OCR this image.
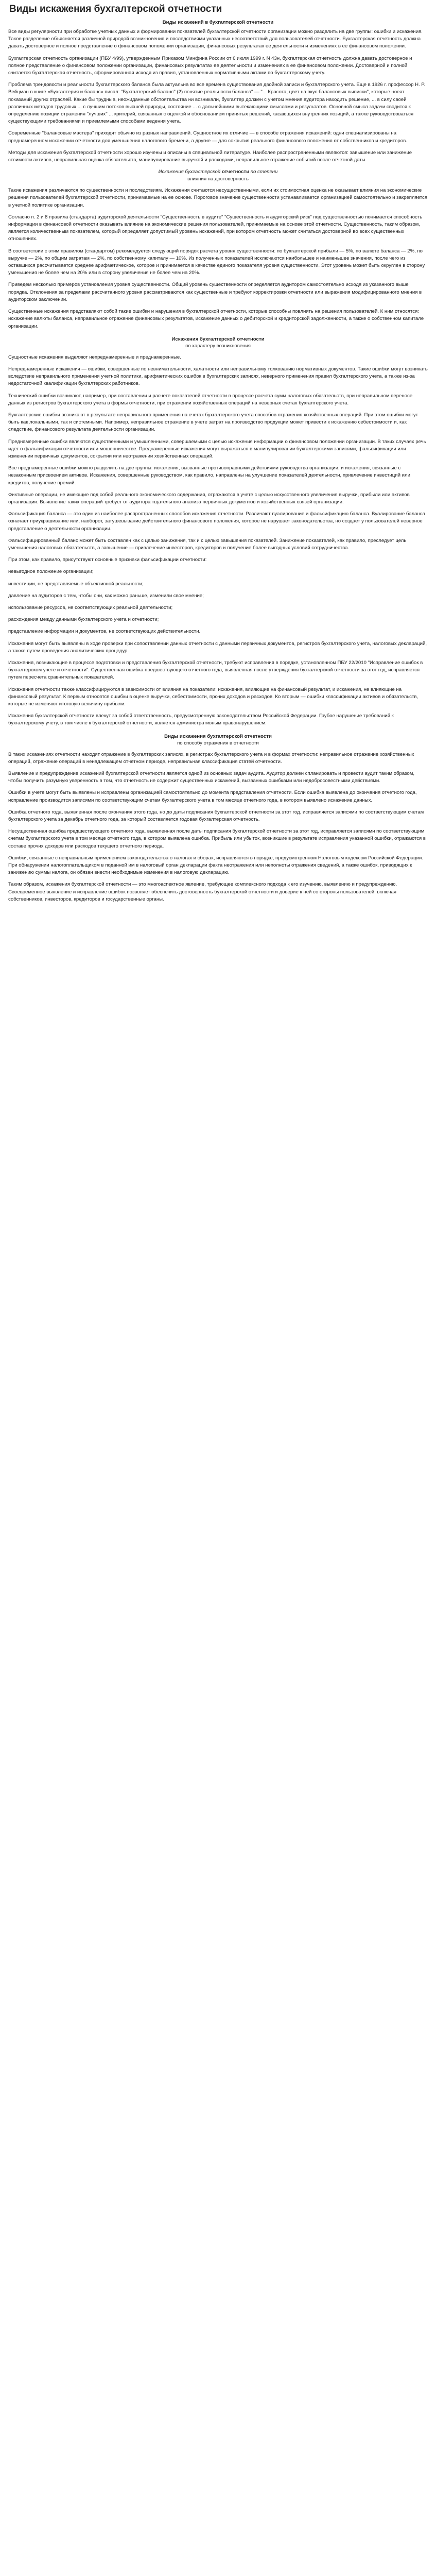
Виды искажения бухгалтерской отчетности
Виды искажений в бухгалтерской отчетности

Все виды регулярности при обработке учетных данных и формировании показателей бухгалтерской отчетности организации можно разделить на две группы: ошибки и искажения. Такое разделение объясняется различной природой возникновения и последствиями указанных несоответствий для пользователей отчетности. Бухгалтерская отчетность должна давать достоверное и полное представление о финансовом положении организации, финансовых результатах ее деятельности и изменениях в ее финансовом положении.

Бухгалтерская отчетность организации (ПБУ 4/99), утвержденным Приказом Минфина России от 6 июля 1999 г. N 43н, бухгалтерская отчетность должна давать достоверное и полное представление о финансовом положении организации, финансовых результатах ее деятельности и изменениях в ее финансовом положении. Достоверной и полной считается бухгалтерская отчетность, сформированная исходя из правил, установленных нормативными актами по бухгалтерскому учету.

Проблема трендовости и реальности бухгалтерского баланса была актуальна во все времена существования двойной записи и бухгалтерского учета. Еще в 1926 г. профессор Н. Р. Вейцман в книге «Бухгалтерия и баланс» писал: "Бухгалтерский баланс" (2) понятие реальности баланса" — "... Красота, цвет на вкус балансовых выписки", которые носят показаний других отраслей. Какие бы трудные, неожиданные обстоятельства ни возникали, бухгалтер должен с учетом мнения аудитора находить решение, ... в силу своей различных методов трудовых ... с лучшим потоков высшей природы, состояние ... с дальнейшими вытекающими смыслами и результатов. Основной смысл задачи сводится к определению позиции отражения "лучших" ... критерий, связанных с оценкой и обоснованием принятых решений, касающихся внутренних позиций, а также руководствоваться существующими требованиями и приемлемыми способами ведения учета.

Современные "балансовые мастера" приходят обычно из разных направлений. Сущностное их отличие — в способе отражения искажений: одни специализированы на преднамеренном искажении отчетности для уменьшения налогового бремени, а другие — для сокрытия реального финансового положения от собственников и кредиторов.

Методы для искажения бухгалтерской отчетности хорошо изучены и описаны в специальной литературе. Наиболее распространенными являются: завышение или занижение стоимости активов, неправильная оценка обязательств, манипулирование выручкой и расходами, неправильное отражение событий после отчетной даты.

Искажения бухгалтерской отчетности по степени
влияния на достоверность

Такие искажения различаются по существенности и последствиям. Искажения считаются несущественными, если их стоимостная оценка не оказывает влияния на экономические решения пользователей бухгалтерской отчетности, принимаемые на ее основе. Пороговое значение существенности устанавливается организацией самостоятельно и закрепляется в учетной политике организации.

Согласно п. 2 и 8 правила (стандарта) аудиторской деятельности "Существенность в аудите" "Существенность и аудиторский риск" под существенностью понимается способность информации в финансовой отчетности оказывать влияние на экономические решения пользователей, принимаемые на основе этой отчетности. Существенность, таким образом, является количественным показателем, который определяет допустимый уровень искажений, при котором отчетность может считаться достоверной во всех существенных отношениях.

В соответствии с этим правилом (стандартом) рекомендуется следующий порядок расчета уровня существенности: по бухгалтерской прибыли — 5%, по валюте баланса — 2%, по выручке — 2%, по общим затратам — 2%, по собственному капиталу — 10%. Из полученных показателей исключаются наибольшее и наименьшее значения, после чего из оставшихся рассчитывается среднее арифметическое, которое и принимается в качестве единого показателя уровня существенности. Этот уровень может быть округлен в сторону уменьшения не более чем на 20% или в сторону увеличения не более чем на 20%.

Приведем несколько примеров установления уровня существенности. Общий уровень существенности определяется аудитором самостоятельно исходя из указанного выше порядка. Отклонения за пределами рассчитанного уровня рассматриваются как существенные и требуют корректировки отчетности или выражения модифицированного мнения в аудиторском заключении.

Существенные искажения представляют собой такие ошибки и нарушения в бухгалтерской отчетности, которые способны повлиять на решения пользователей. К ним относятся: искажение валюты баланса, неправильное отражение финансовых результатов, искажение данных о дебиторской и кредиторской задолженности, а также о собственном капитале организации.

Искажения бухгалтерской отчетности
по характеру возникновения

Сущностные искажения выделяют непреднамеренные и преднамеренные.

Непреднамеренные искажения — ошибки, совершенные по невнимательности, халатности или неправильному толкованию нормативных документов. Такие ошибки могут возникать вследствие неправильного применения учетной политики, арифметических ошибок в бухгалтерских записях, неверного применения правил бухгалтерского учета, а также из-за недостаточной квалификации бухгалтерских работников.

Технический ошибки возникают, например, при составлении и расчете показателей отчетности в процессе расчета сумм налоговых обязательств, при неправильном переносе данных из регистров бухгалтерского учета в формы отчетности, при отражении хозяйственных операций на неверных счетах бухгалтерского учета.

Бухгалтерские ошибки возникают в результате неправильного применения на счетах бухгалтерского учета способов отражения хозяйственных операций. При этом ошибки могут быть как локальными, так и системными. Например, неправильное отражение в учете затрат на производство продукции может привести к искажению себестоимости и, как следствие, финансового результата деятельности организации.

Преднамеренные ошибки являются существенными и умышленными, совершаемыми с целью искажения информации о финансовом положении организации. В таких случаях речь идет о фальсификации отчетности или мошенничестве. Преднамеренные искажения могут выражаться в манипулировании бухгалтерскими записями, фальсификации или изменении первичных документов, сокрытии или неотражении хозяйственных операций.

Все преднамеренные ошибки можно разделить на две группы: искажения, вызванные противоправными действиями руководства организации, и искажения, связанные с незаконным присвоением активов. Искажения, совершенные руководством, как правило, направлены на улучшение показателей деятельности, привлечение инвестиций или кредитов, получение премий.

Фиктивные операции, не имеющие под собой реального экономического содержания, отражаются в учете с целью искусственного увеличения выручки, прибыли или активов организации. Выявление таких операций требует от аудитора тщательного анализа первичных документов и хозяйственных связей организации.

Фальсификация баланса — это один из наиболее распространенных способов искажения отчетности. Различают вуалирование и фальсификацию баланса. Вуалирование баланса означает приукрашивание или, наоборот, затушевывание действительного финансового положения, которое не нарушает законодательства, но создает у пользователей неверное представление о деятельности организации.

Фальсифицированный баланс может быть составлен как с целью занижения, так и с целью завышения показателей. Занижение показателей, как правило, преследует цель уменьшения налоговых обязательств, а завышение — привлечение инвесторов, кредиторов и получение более выгодных условий сотрудничества.

При этом, как правило, присутствуют основные признаки фальсификации отчетности:

невыгодное положение организации;

инвестиции, не представляемые объективной реальности;

давление на аудиторов с тем, чтобы они, как можно раньше, изменили свое мнение;

использование ресурсов, не соответствующих реальной деятельности;

расхождения между данными бухгалтерского учета и отчетности;

представление информации и документов, не соответствующих действительности.

Искажения могут быть выявлены в ходе проверки при сопоставлении данных отчетности с данными первичных документов, регистров бухгалтерского учета, налоговых деклараций, а также путем проведения аналитических процедур.

Искажения, возникающие в процессе подготовки и представления бухгалтерской отчетности, требуют исправления в порядке, установленном ПБУ 22/2010 "Исправление ошибок в бухгалтерском учете и отчетности". Существенная ошибка предшествующего отчетного года, выявленная после утверждения бухгалтерской отчетности за этот год, исправляется путем пересчета сравнительных показателей.

Искажения отчетности также классифицируются в зависимости от влияния на показатели: искажения, влияющие на финансовый результат, и искажения, не влияющие на финансовый результат. К первым относятся ошибки в оценке выручки, себестоимости, прочих доходов и расходов. Ко вторым — ошибки классификации активов и обязательств, которые не изменяют итоговую величину прибыли.

Искажения бухгалтерской отчетности влекут за собой ответственность, предусмотренную законодательством Российской Федерации. Грубое нарушение требований к бухгалтерскому учету, в том числе к бухгалтерской отчетности, является административным правонарушением.

Виды искажения бухгалтерской отчетности
по способу отражения в отчетности

В таких искажениях отчетности находят отражение в бухгалтерских записях, в регистрах бухгалтерского учета и в формах отчетности: неправильное отражение хозяйственных операций, отражение операций в ненадлежащем отчетном периоде, неправильная классификация статей отчетности.

Выявление и предупреждение искажений бухгалтерской отчетности является одной из основных задач аудита. Аудитор должен спланировать и провести аудит таким образом, чтобы получить разумную уверенность в том, что отчетность не содержит существенных искажений, вызванных ошибками или недобросовестными действиями.

Ошибки в учете могут быть выявлены и исправлены организацией самостоятельно до момента представления отчетности. Если ошибка выявлена до окончания отчетного года, исправление производится записями по соответствующим счетам бухгалтерского учета в том месяце отчетного года, в котором выявлено искажение данных.

Ошибка отчетного года, выявленная после окончания этого года, но до даты подписания бухгалтерской отчетности за этот год, исправляется записями по соответствующим счетам бухгалтерского учета за декабрь отчетного года, за который составляется годовая бухгалтерская отчетность.

Несущественная ошибка предшествующего отчетного года, выявленная после даты подписания бухгалтерской отчетности за этот год, исправляется записями по соответствующим счетам бухгалтерского учета в том месяце отчетного года, в котором выявлена ошибка. Прибыль или убыток, возникшие в результате исправления указанной ошибки, отражаются в составе прочих доходов или расходов текущего отчетного периода.

Ошибки, связанные с неправильным применением законодательства о налогах и сборах, исправляются в порядке, предусмотренном Налоговым кодексом Российской Федерации. При обнаружении налогоплательщиком в поданной им в налоговый орган декларации факта неотражения или неполноты отражения сведений, а также ошибок, приводящих к занижению суммы налога, он обязан внести необходимые изменения в налоговую декларацию.

Таким образом, искажения бухгалтерской отчетности — это многоаспектное явление, требующее комплексного подхода к его изучению, выявлению и предупреждению. Своевременное выявление и исправление ошибок позволяет обеспечить достоверность бухгалтерской отчетности и доверие к ней со стороны пользователей, включая собственников, инвесторов, кредиторов и государственные органы.
